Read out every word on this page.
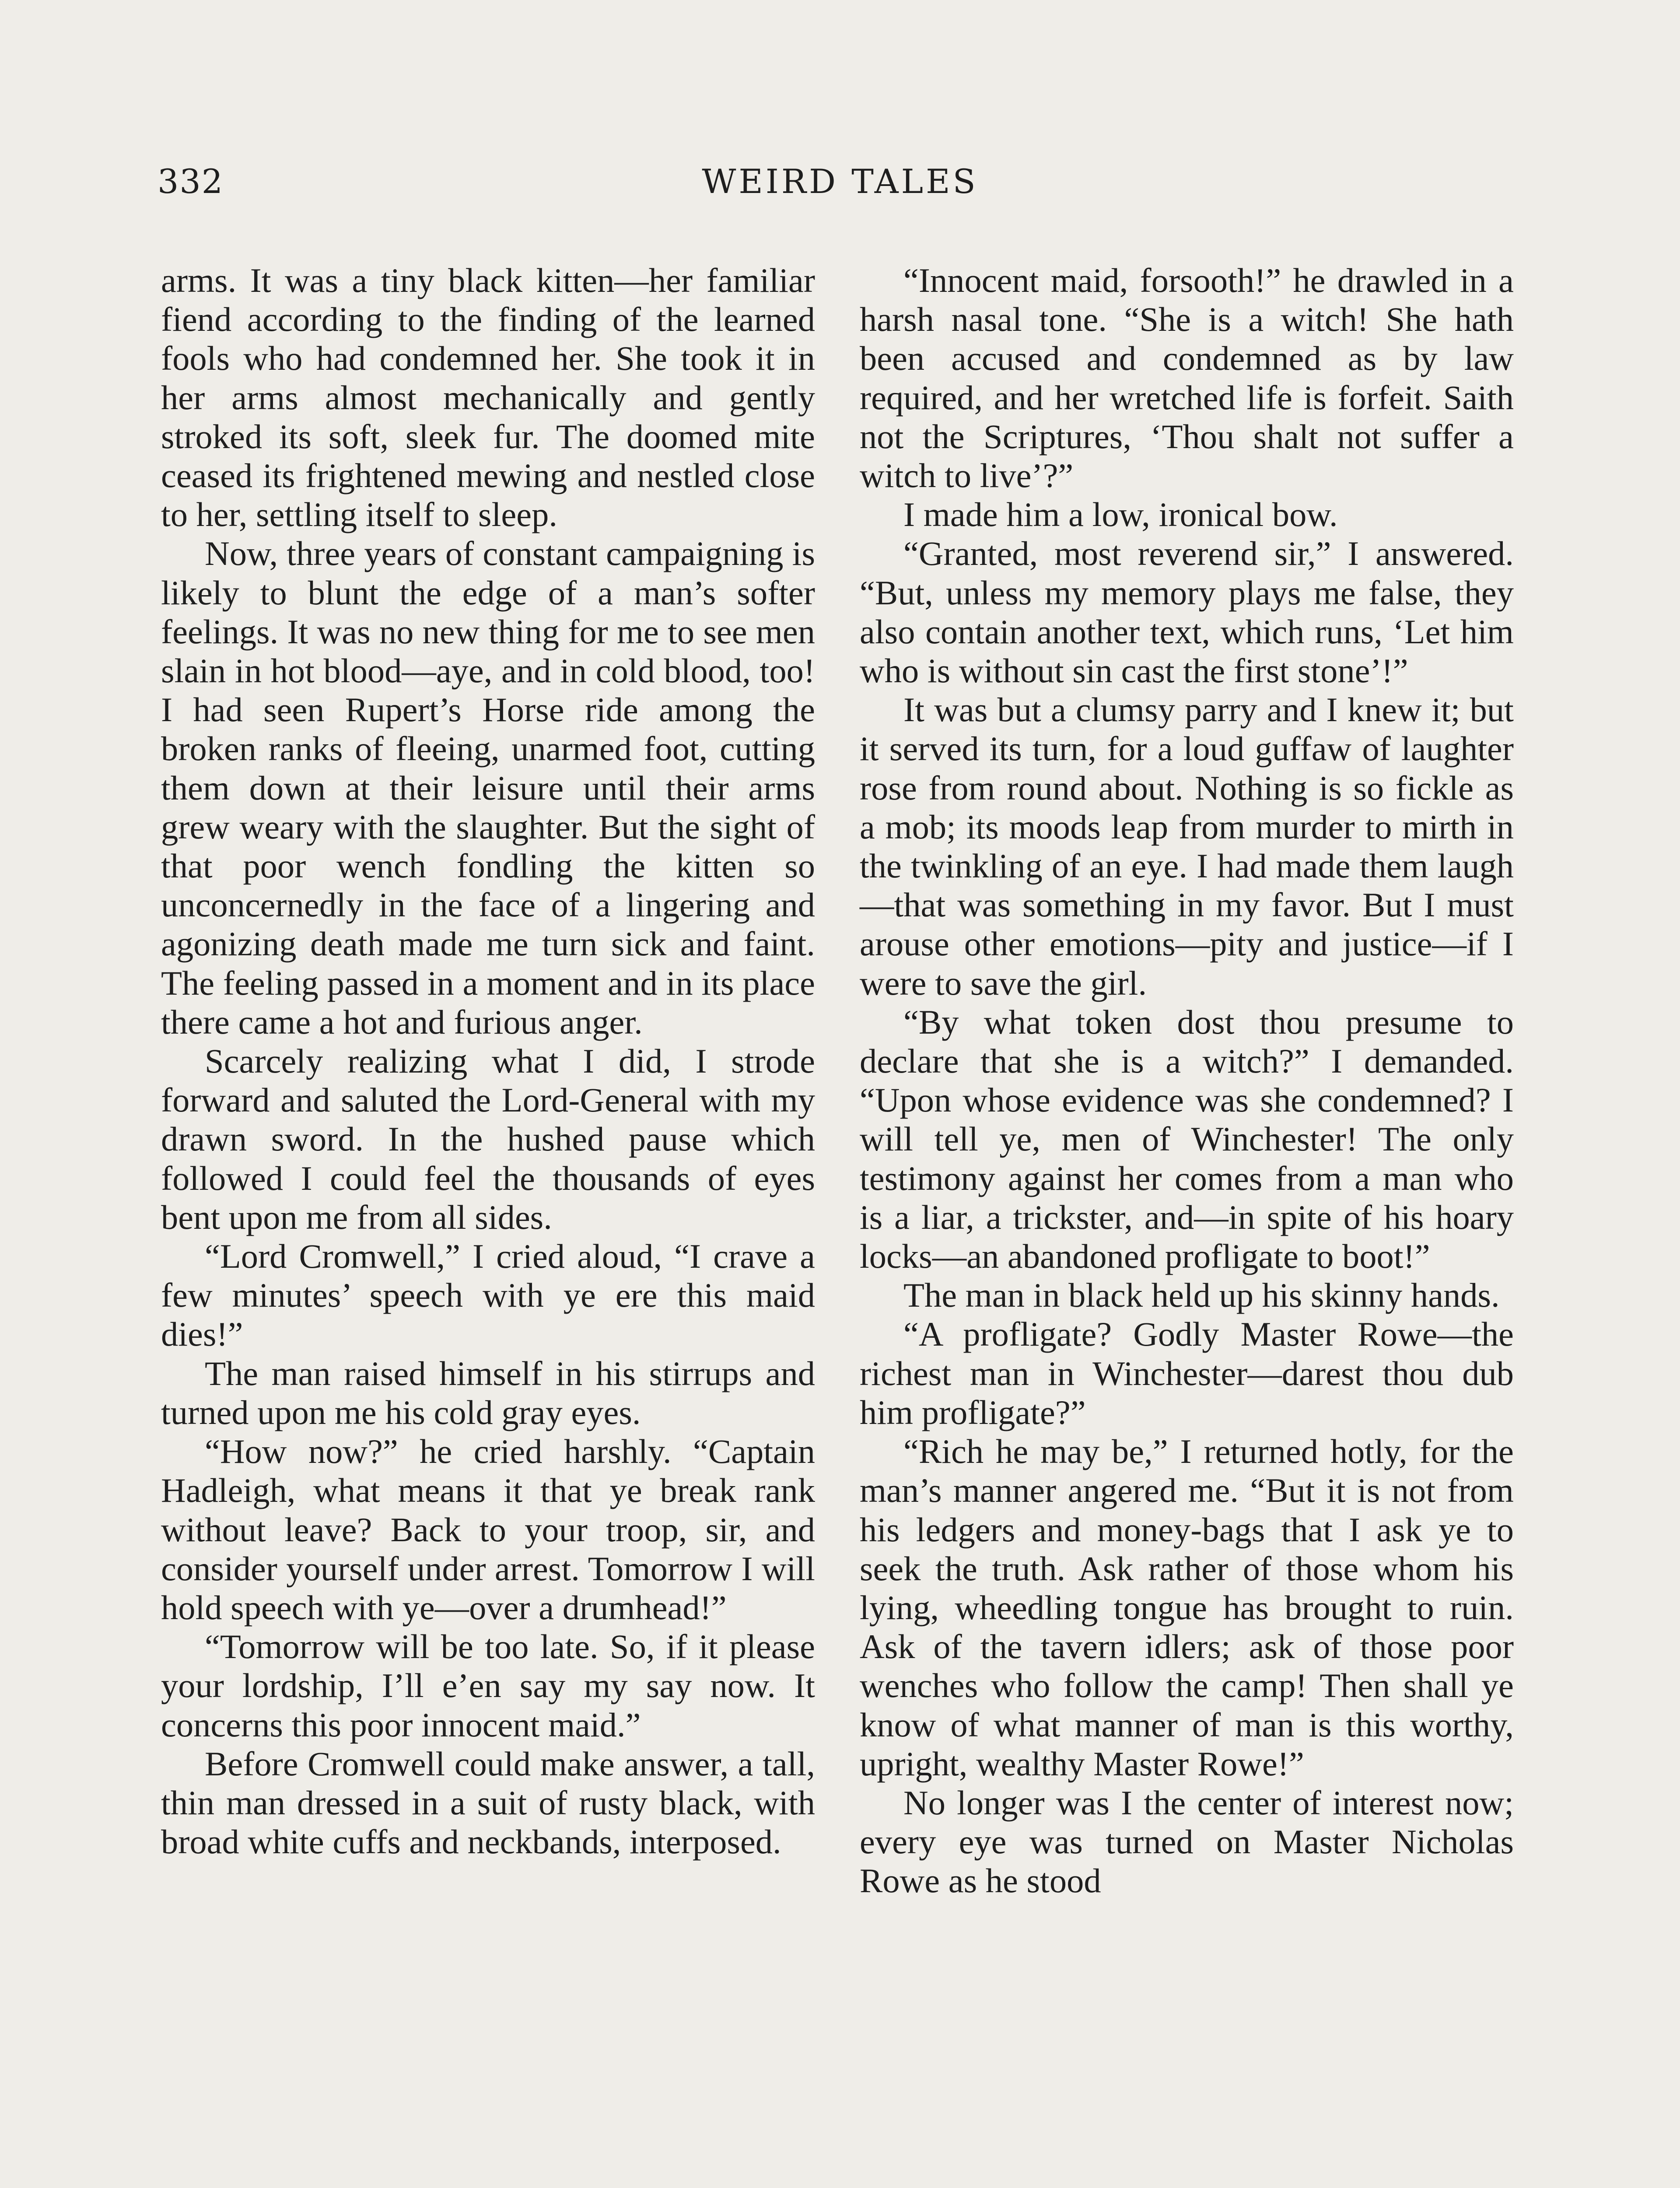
332	WEIRD TALES

arms. It was a tiny black kitten—her familiar fiend according to the finding of the learned fools who had condemned her. She took it in her arms almost mechanically and gently stroked its soft, sleek fur. The doomed mite ceased its frightened mewing and nestled close to her, settling itself to sleep.

Now, three years of constant campaigning is likely to blunt the edge of a man’s softer feelings. It was no new thing for me to see men slain in hot blood—aye, and in cold blood, too! I had seen Rupert’s Horse ride among the broken ranks of fleeing, unarmed foot, cutting them down at their leisure until their arms grew weary with the slaughter. But the sight of that poor wench fondling the kitten so unconcernedly in the face of a lingering and agonizing death made me turn sick and faint. The feeling passed in a moment and in its place there came a hot and furious anger.

Scarcely realizing what I did, I strode forward and saluted the Lord-General with my drawn sword. In the hushed pause which followed I could feel the thousands of eyes bent upon me from all sides.

“Lord Cromwell,” I cried aloud, “I crave a few minutes’ speech with ye ere this maid dies!”

The man raised himself in his stirrups and turned upon me his cold gray eyes.

“How now?” he cried harshly. “Captain Hadleigh, what means it that ye break rank without leave? Back to your troop, sir, and consider yourself under arrest. Tomorrow I will hold speech with ye—over a drumhead!”

“Tomorrow will be too late. So, if it please your lordship, I’ll e’en say my say now. It concerns this poor innocent maid.”

Before Cromwell could make answer, a tall, thin man dressed in a suit of rusty black, with broad white cuffs and neckbands, interposed.

“Innocent maid, forsooth!” he drawled in a harsh nasal tone. “She is a witch! She hath been accused and condemned as by law required, and her wretched life is forfeit. Saith not the Scriptures, ‘Thou shalt not suffer a witch to live’?”

I made him a low, ironical bow.

“Granted, most reverend sir,” I answered. “But, unless my memory plays me false, they also contain another text, which runs, ‘Let him who is without sin cast the first stone’!”

It was but a clumsy parry and I knew it; but it served its turn, for a loud guffaw of laughter rose from round about. Nothing is so fickle as a mob; its moods leap from murder to mirth in the twinkling of an eye. I had made them laugh—that was something in my favor. But I must arouse other emotions—pity and justice—if I were to save the girl.

“By what token dost thou presume to declare that she is a witch?” I demanded. “Upon whose evidence was she condemned? I will tell ye, men of Winchester! The only testimony against her comes from a man who is a liar, a trickster, and—in spite of his hoary locks—an abandoned profligate to boot!”

The man in black held up his skinny hands.

“A profligate? Godly Master Rowe—the richest man in Winchester—darest thou dub him profligate?”

“Rich he may be,” I returned hotly, for the man’s manner angered me. “But it is not from his ledgers and money-bags that I ask ye to seek the truth. Ask rather of those whom his lying, wheedling tongue has brought to ruin. Ask of the tavern idlers; ask of those poor wenches who follow the camp! Then shall ye know of what manner of man is this worthy, upright, wealthy Master Rowe!”

No longer was I the center of interest now; every eye was turned on Master Nicholas Rowe as he stood
